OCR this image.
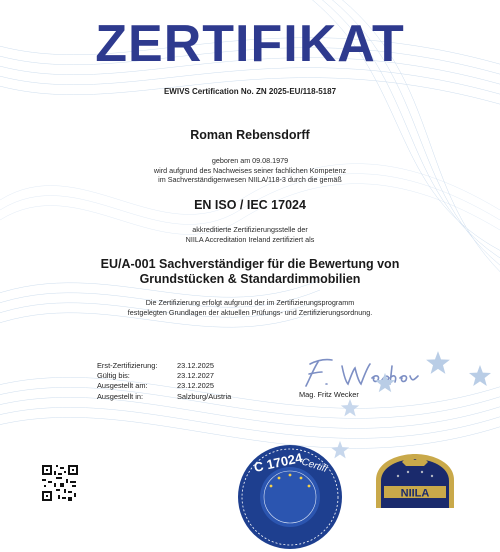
ZERTIFIKAT
EWIVS Certification No. ZN 2025-EU/118-5187
Roman Rebensdorff
geboren am 09.08.1979
wird aufgrund des Nachweises seiner fachlichen Kompetenz
im Sachverständigenwesen NIILA/118-3 durch die gemäß
EN ISO / IEC 17024
akkreditierte Zertifizierungsstelle der
NIILA Accreditation Ireland zertifiziert als
EU/A-001 Sachverständiger für die Bewertung von
Grundstücken & Standardimmobilien
Die Zertifizierung erfolgt aufgrund der im Zertifizierungsprogramm
festgelegten Grundlagen der aktuellen Prüfungs- und Zertifizierungsordnung.
Erst-Zertifizierung:	23.12.2025
Gültig bis:	23.12.2027
Ausgestellt am:	23.12.2025
Ausgestellt in:	Salzburg/Austria	Mag. Fritz Wecker
C 17024
Certifi
NIILA
